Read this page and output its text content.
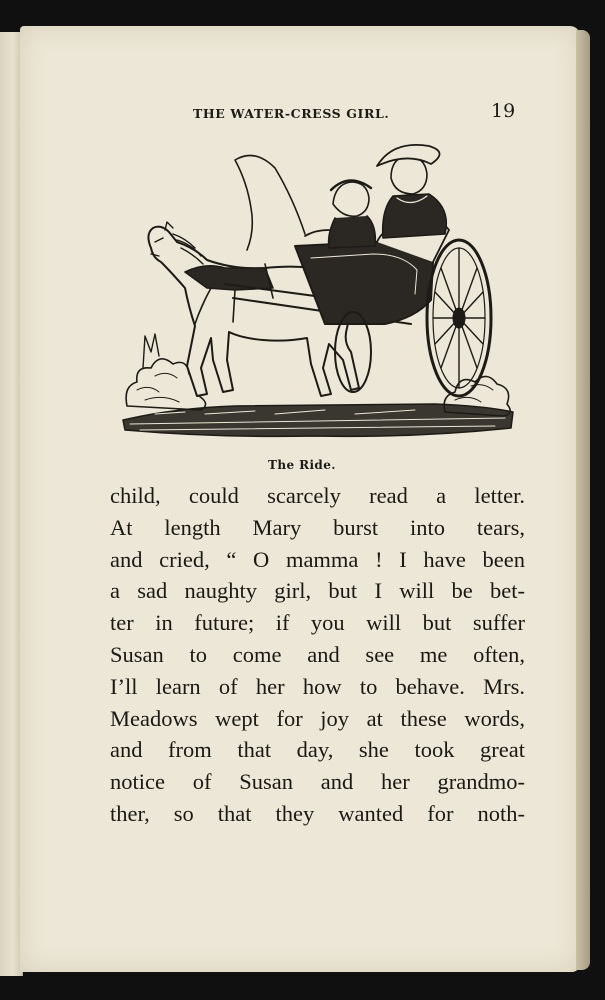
THE WATER-CRESS GIRL.	19
The Ride.
child, could scarcely read a letter.
At length Mary burst into tears,
and cried, “ O mamma ! I have been
a sad naughty girl, but I will be bet-
ter in future; if you will but suffer
Susan to come and see me often,
I’ll learn of her how to behave. Mrs.
Meadows wept for joy at these words,
and from that day, she took great
notice of Susan and her grandmo-
ther, so that they wanted for noth-
